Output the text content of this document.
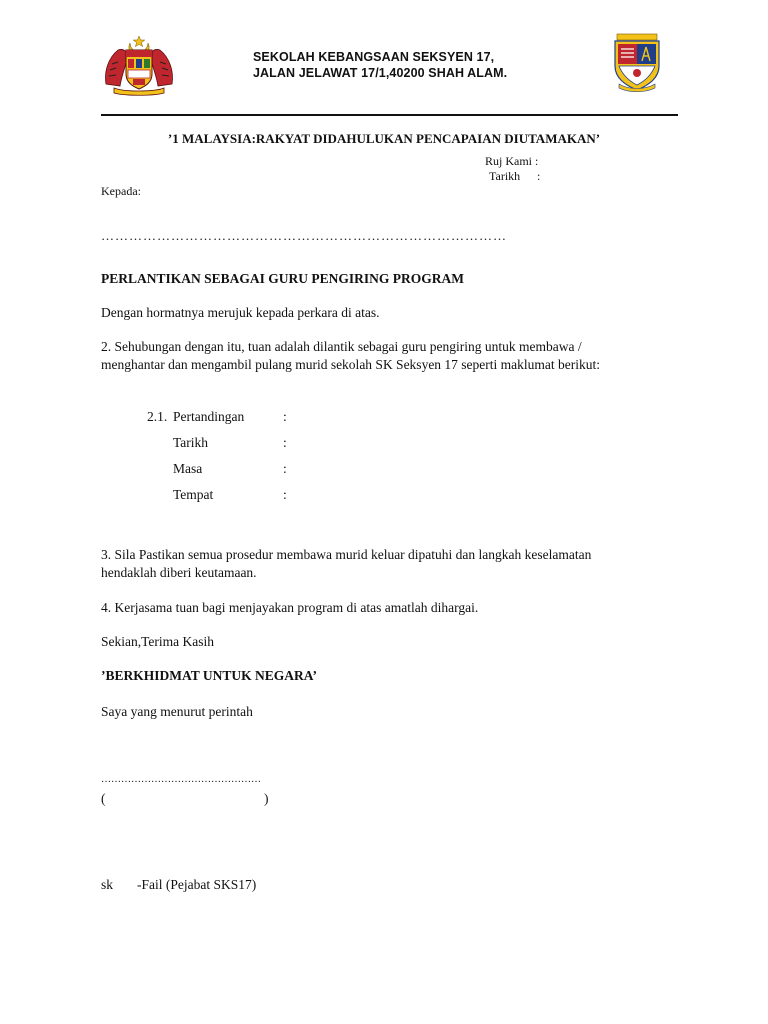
SEKOLAH KEBANGSAAN SEKSYEN 17,
JALAN JELAWAT 17/1,40200 SHAH ALAM.
’1 MALAYSIA:RAKYAT DIDAHULUKAN PENCAPAIAN DIUTAMAKAN’
Ruj Kami :
Tarikh :
Kepada:
……………………………………………………………………………
PERLANTIKAN SEBAGAI GURU PENGIRING PROGRAM
Dengan hormatnya merujuk kepada perkara di atas.
2. Sehubungan dengan itu, tuan adalah dilantik sebagai guru pengiring untuk membawa /
menghantar dan mengambil pulang murid sekolah SK Seksyen 17 seperti maklumat berikut:
2.1. Pertandingan	:
Tarikh	:
Masa	:
Tempat	:
3. Sila Pastikan semua prosedur membawa murid keluar dipatuhi dan langkah keselamatan
hendaklah diberi keutamaan.
4. Kerjasama tuan bagi menjayakan program di atas amatlah dihargai.
Sekian,Terima Kasih
’BERKHIDMAT UNTUK NEGARA’
Saya yang menurut perintah
…………………………………………
(	)
sk -Fail (Pejabat SKS17)
